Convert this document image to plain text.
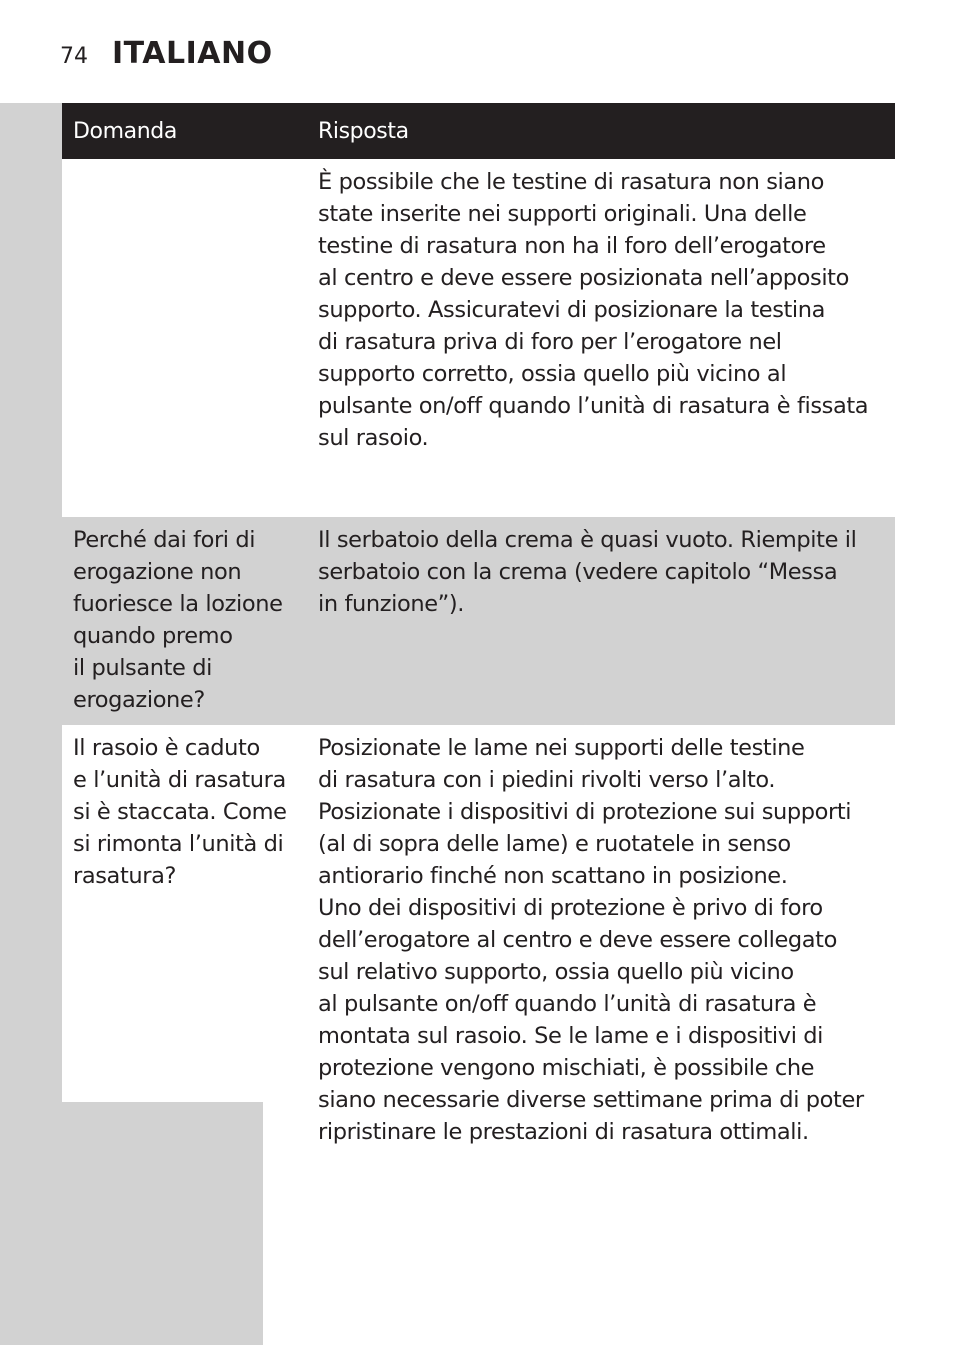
74 ITALIANO
Domanda	Risposta
È possibile che le testine di rasatura non siano
state inserite nei supporti originali. Una delle
testine di rasatura non ha il foro dell’erogatore
al centro e deve essere posizionata nell’apposito
supporto. Assicuratevi di posizionare la testina
di rasatura priva di foro per l’erogatore nel
supporto corretto, ossia quello più vicino al
pulsante on/off quando l’unità di rasatura è fissata
sul rasoio.
Perché dai fori di
erogazione non
fuoriesce la lozione
quando premo
il pulsante di
erogazione?
Il serbatoio della crema è quasi vuoto. Riempite il
serbatoio con la crema (vedere capitolo “Messa
in funzione”).
Il rasoio è caduto
e l’unità di rasatura
si è staccata. Come
si rimonta l’unità di
rasatura?
Posizionate le lame nei supporti delle testine
di rasatura con i piedini rivolti verso l’alto.
Posizionate i dispositivi di protezione sui supporti
(al di sopra delle lame) e ruotatele in senso
antiorario finché non scattano in posizione.
Uno dei dispositivi di protezione è privo di foro
dell’erogatore al centro e deve essere collegato
sul relativo supporto, ossia quello più vicino
al pulsante on/off quando l’unità di rasatura è
montata sul rasoio. Se le lame e i dispositivi di
protezione vengono mischiati, è possibile che
siano necessarie diverse settimane prima di poter
ripristinare le prestazioni di rasatura ottimali.
